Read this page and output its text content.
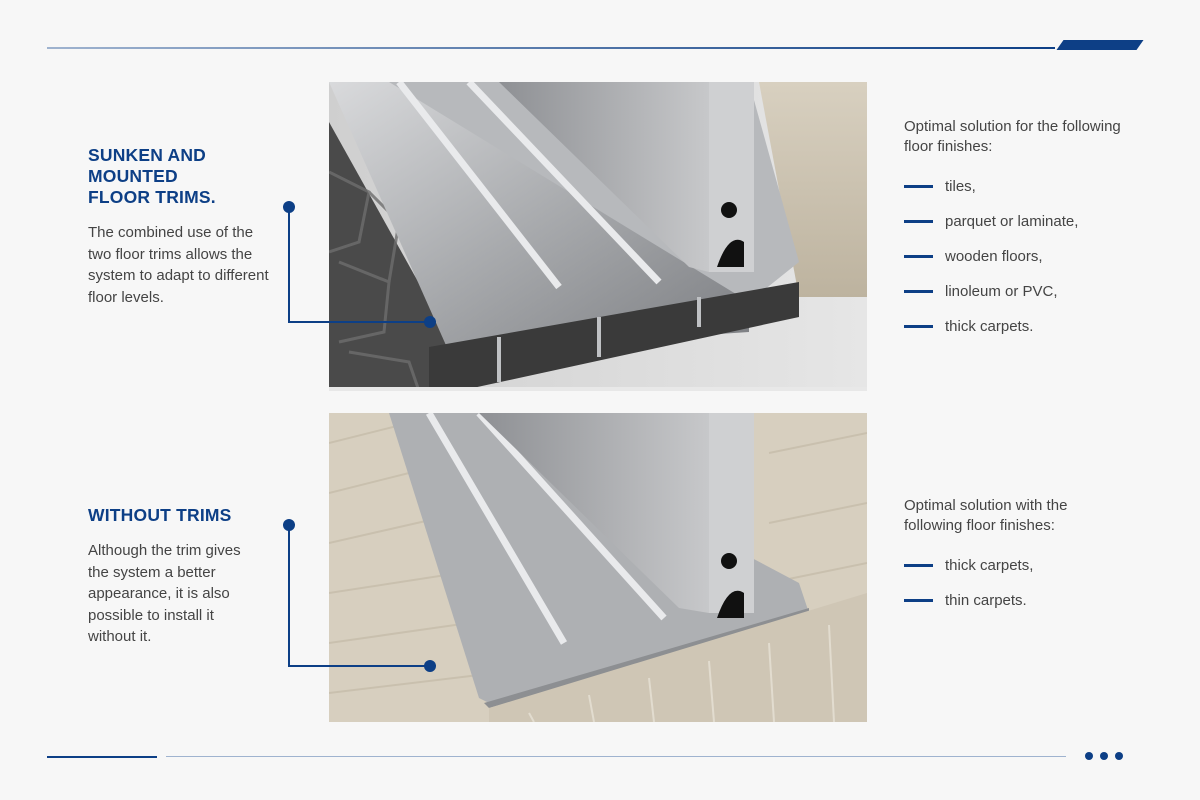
SUNKEN AND MOUNTED FLOOR TRIMS.
The combined use of the two floor trims allows the system to adapt to different floor levels.
Optimal solution for the following floor finishes:
tiles,
parquet or laminate,
wooden floors,
linoleum or PVC,
thick carpets.
WITHOUT TRIMS
Although the trim gives the system a better appearance, it is also possible to install it without it.
Optimal solution with the following floor finishes:
thick carpets,
thin carpets.
